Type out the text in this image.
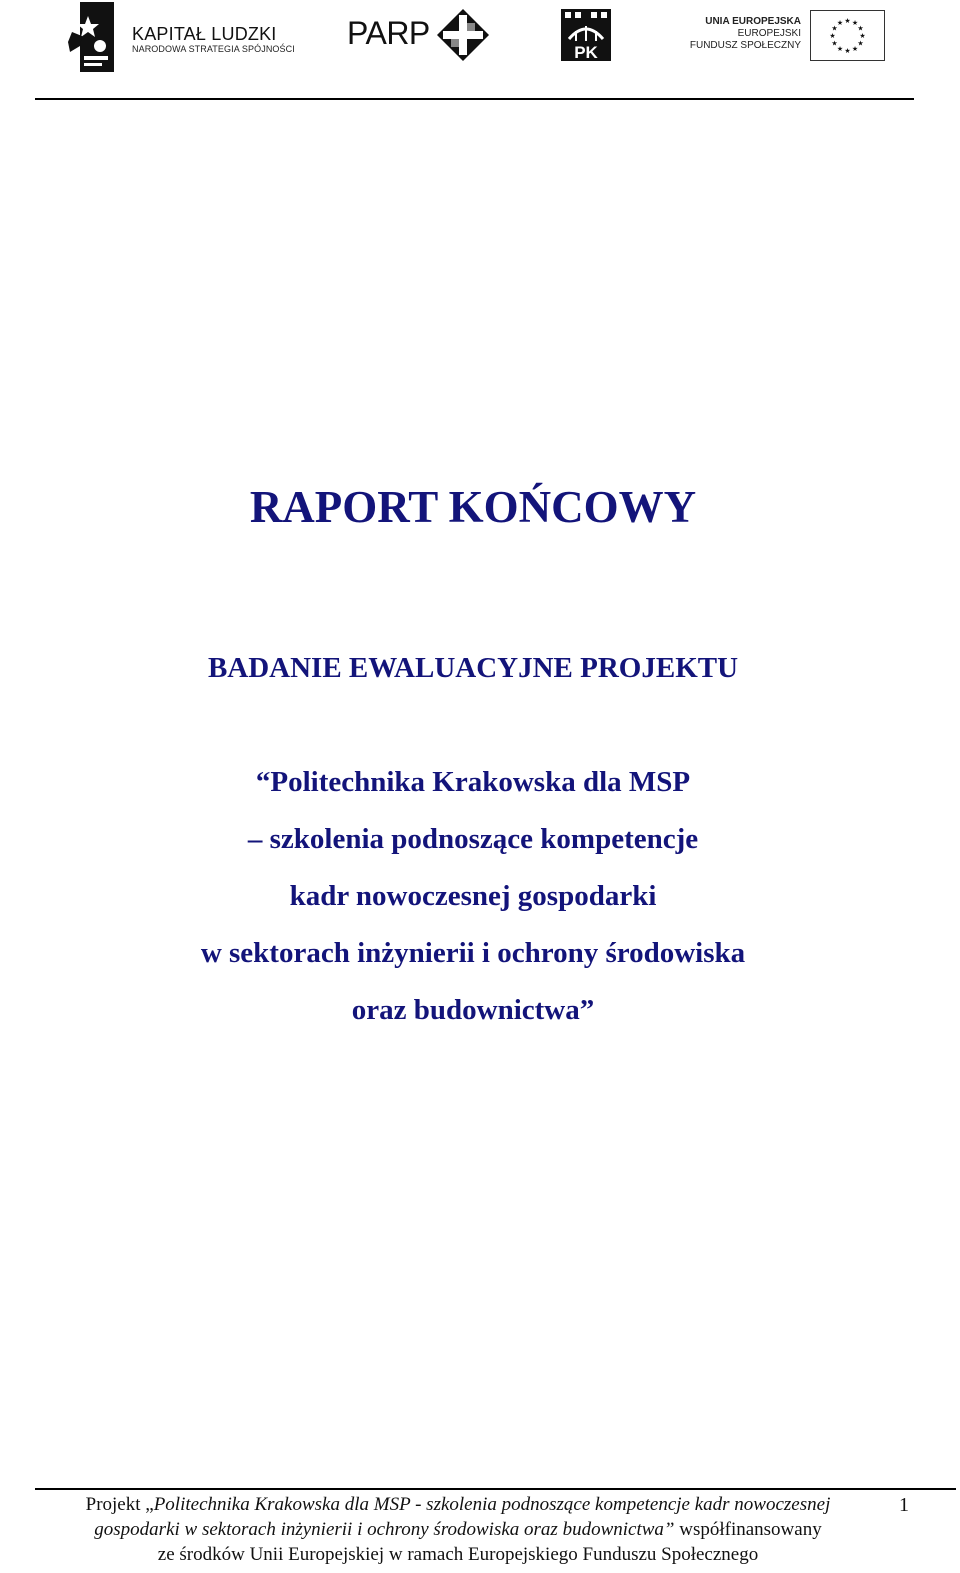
KAPITAŁ LUDZKI
NARODOWA STRATEGIA SPÓJNOŚCI PARP
PK
UNIA EUROPEJSKA
EUROPEJSKI
FUNDUSZ SPOŁECZNY
★
★
★
★
★
★
★
★
★ ★ ★
★
RAPORT KOŃCOWY
BADANIE EWALUACYJNE PROJEKTU
“Politechnika Krakowska dla MSP
– szkolenia podnoszące kompetencje
kadr nowoczesnej gospodarki
w sektorach inżynierii i ochrony środowiska
oraz budownictwa”
Projekt „Politechnika Krakowska dla MSP - szkolenia podnoszące kompetencje kadr nowoczesnej
gospodarki w sektorach inżynierii i ochrony środowiska oraz budownictwa” współfinansowany
ze środków Unii Europejskiej w ramach Europejskiego Funduszu Społecznego
1
